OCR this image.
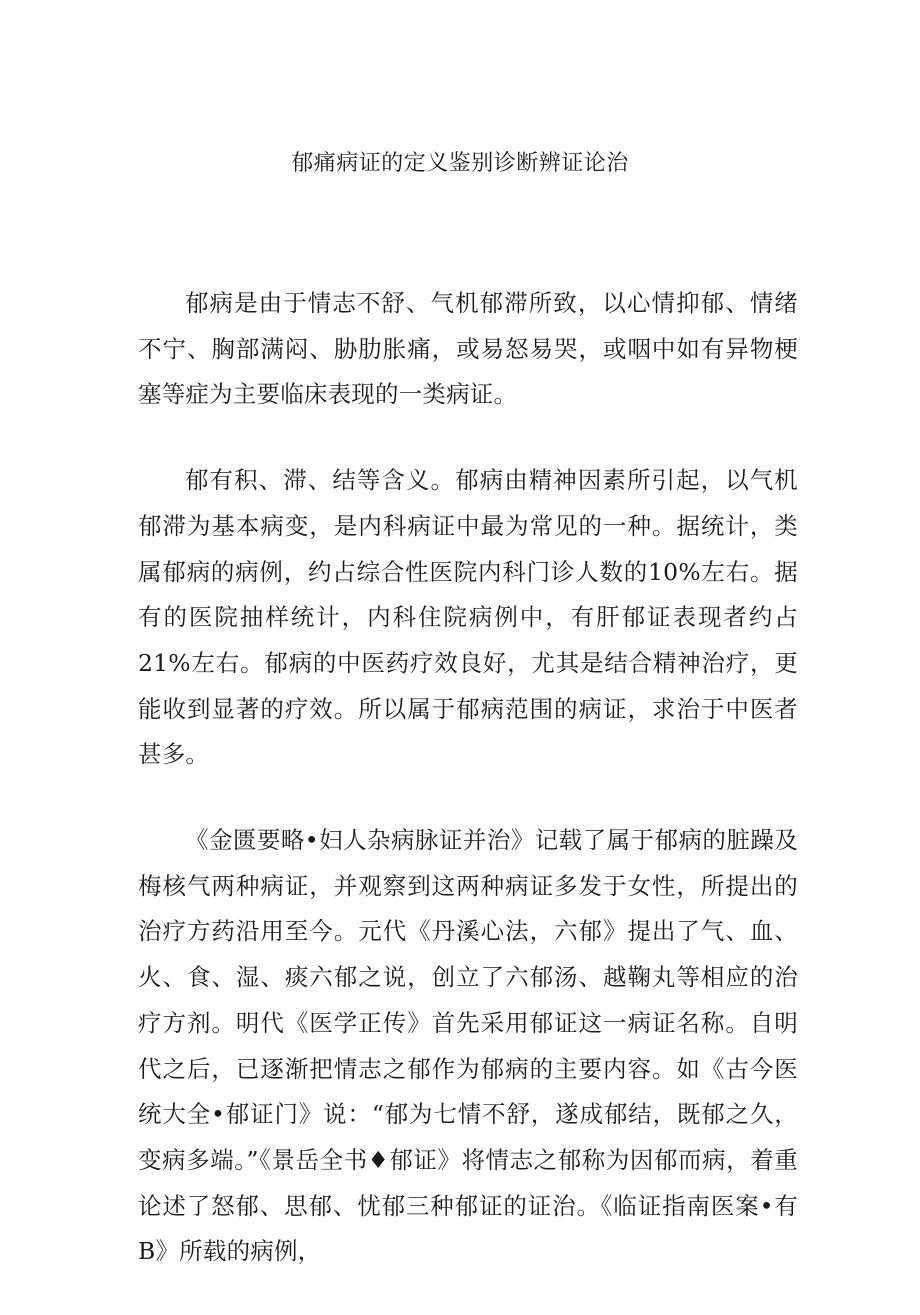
郁痛病证的定义鉴别诊断辨证论治

郁病是由于情志不舒、气机郁滞所致，以心情抑郁、情绪不宁、胸部满闷、胁肋胀痛，或易怒易哭，或咽中如有异物梗塞等症为主要临床表现的一类病证。

郁有积、滞、结等含义。郁病由精神因素所引起，以气机郁滞为基本病变，是内科病证中最为常见的一种。据统计，类属郁病的病例，约占综合性医院内科门诊人数的10%左右。据有的医院抽样统计，内科住院病例中，有肝郁证表现者约占21%左右。郁病的中医药疗效良好，尤其是结合精神治疗，更能收到显著的疗效。所以属于郁病范围的病证，求治于中医者甚多。

《金匮要略•妇人杂病脉证并治》记载了属于郁病的脏躁及梅核气两种病证，并观察到这两种病证多发于女性，所提出的治疗方药沿用至今。元代《丹溪心法，六郁》提出了气、血、火、食、湿、痰六郁之说，创立了六郁汤、越鞠丸等相应的治疗方剂。明代《医学正传》首先采用郁证这一病证名称。自明代之后，已逐渐把情志之郁作为郁病的主要内容。如《古今医统大全•郁证门》说：“郁为七情不舒，遂成郁结，既郁之久，变病多端。”《景岳全书♦郁证》将情志之郁称为因郁而病，着重论述了怒郁、思郁、忧郁三种郁证的证治。《临证指南医案•有B》所载的病例，
